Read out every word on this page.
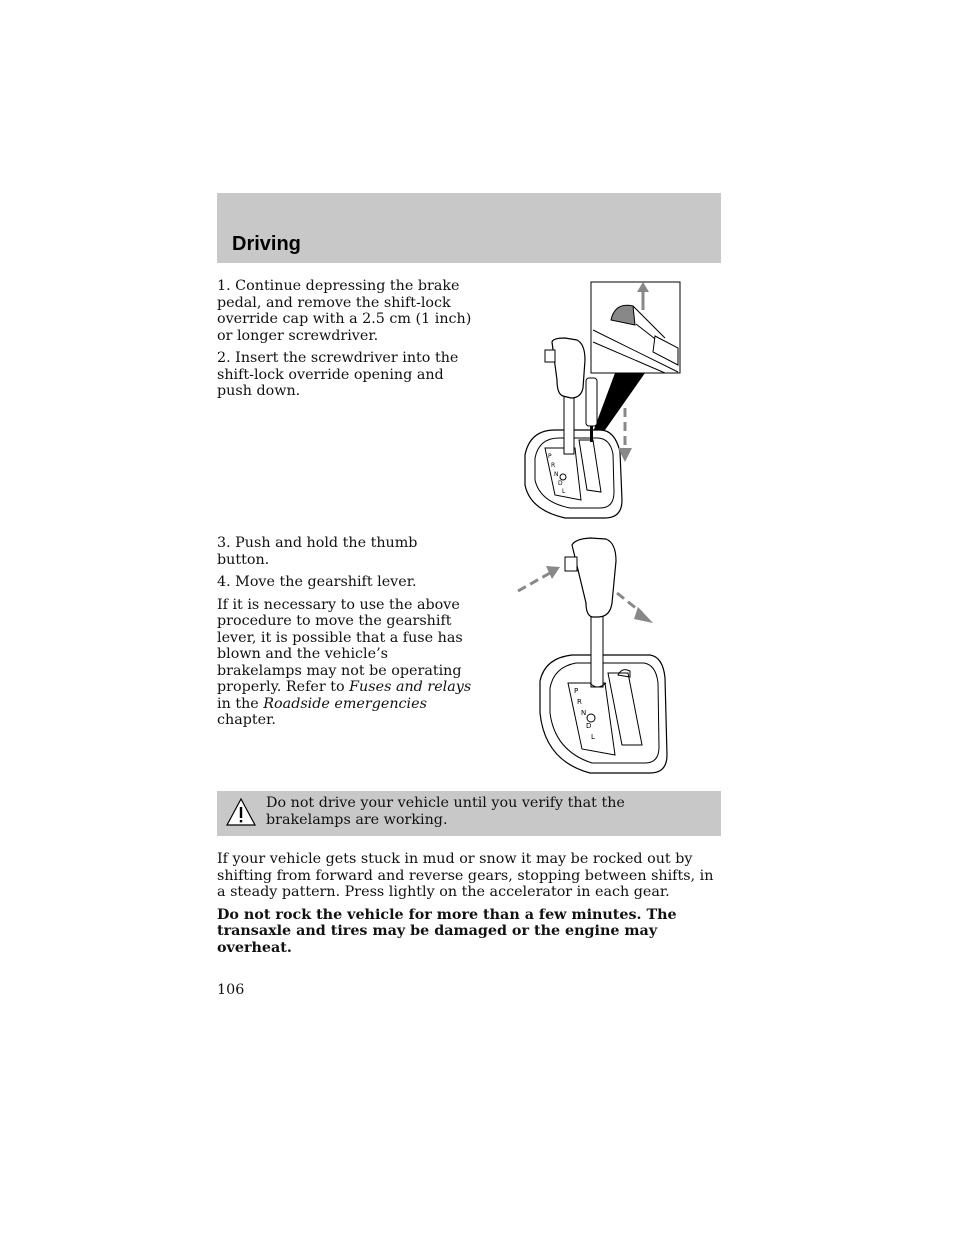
Driving

1. Continue depressing the brake pedal, and remove the shift-lock override cap with a 2.5 cm (1 inch) or longer screwdriver.

2. Insert the screwdriver into the shift-lock override opening and push down.

P
R
N
D
L

3. Push and hold the thumb button.

4. Move the gearshift lever.

If it is necessary to use the above procedure to move the gearshift lever, it is possible that a fuse has blown and the vehicle’s brakelamps may not be operating properly. Refer to Fuses and relays in the Roadside emergencies chapter.

P
R
N
D
L
Do not drive your vehicle until you verify that the brakelamps are working.

If your vehicle gets stuck in mud or snow it may be rocked out by shifting from forward and reverse gears, stopping between shifts, in a steady pattern. Press lightly on the accelerator in each gear.

Do not rock the vehicle for more than a few minutes. The transaxle and tires may be damaged or the engine may overheat.

106
